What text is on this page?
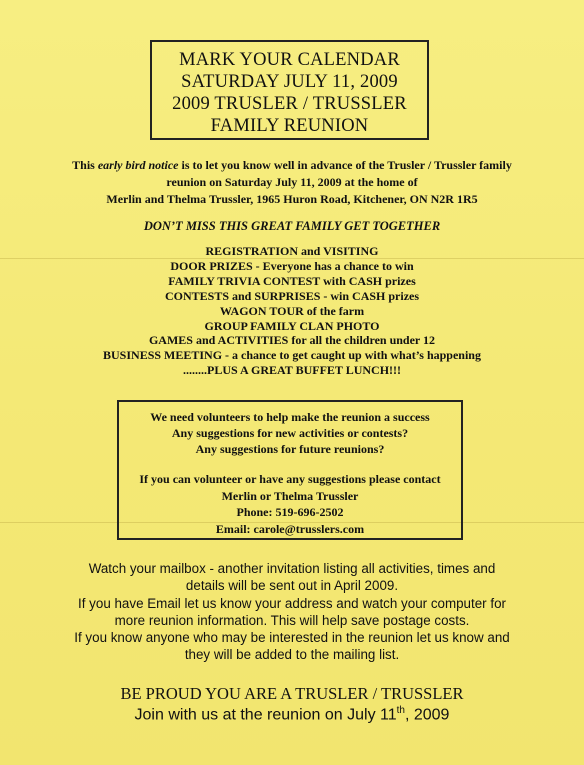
MARK YOUR CALENDAR
SATURDAY JULY 11, 2009
2009 TRUSLER / TRUSSLER
FAMILY REUNION
This early bird notice is to let you know well in advance of the Trusler / Trussler family
reunion on Saturday July 11, 2009 at the home of
Merlin and Thelma Trussler, 1965 Huron Road, Kitchener, ON N2R 1R5
DON’T MISS THIS GREAT FAMILY GET TOGETHER
REGISTRATION and VISITING
DOOR PRIZES - Everyone has a chance to win
FAMILY TRIVIA CONTEST with CASH prizes
CONTESTS and SURPRISES - win CASH prizes
WAGON TOUR of the farm
GROUP FAMILY CLAN PHOTO
GAMES and ACTIVITIES for all the children under 12
BUSINESS MEETING - a chance to get caught up with what’s happening
........PLUS A GREAT BUFFET LUNCH!!!
We need volunteers to help make the reunion a success
Any suggestions for new activities or contests?
Any suggestions for future reunions?
If you can volunteer or have any suggestions please contact
Merlin or Thelma Trussler
Phone: 519-696-2502
Email: carole@trusslers.com
Watch your mailbox - another invitation listing all activities, times and
details will be sent out in April 2009.
If you have Email let us know your address and watch your computer for
more reunion information. This will help save postage costs.
If you know anyone who may be interested in the reunion let us know and
they will be added to the mailing list.
BE PROUD YOU ARE A TRUSLER / TRUSSLER
Join with us at the reunion on July 11th, 2009
